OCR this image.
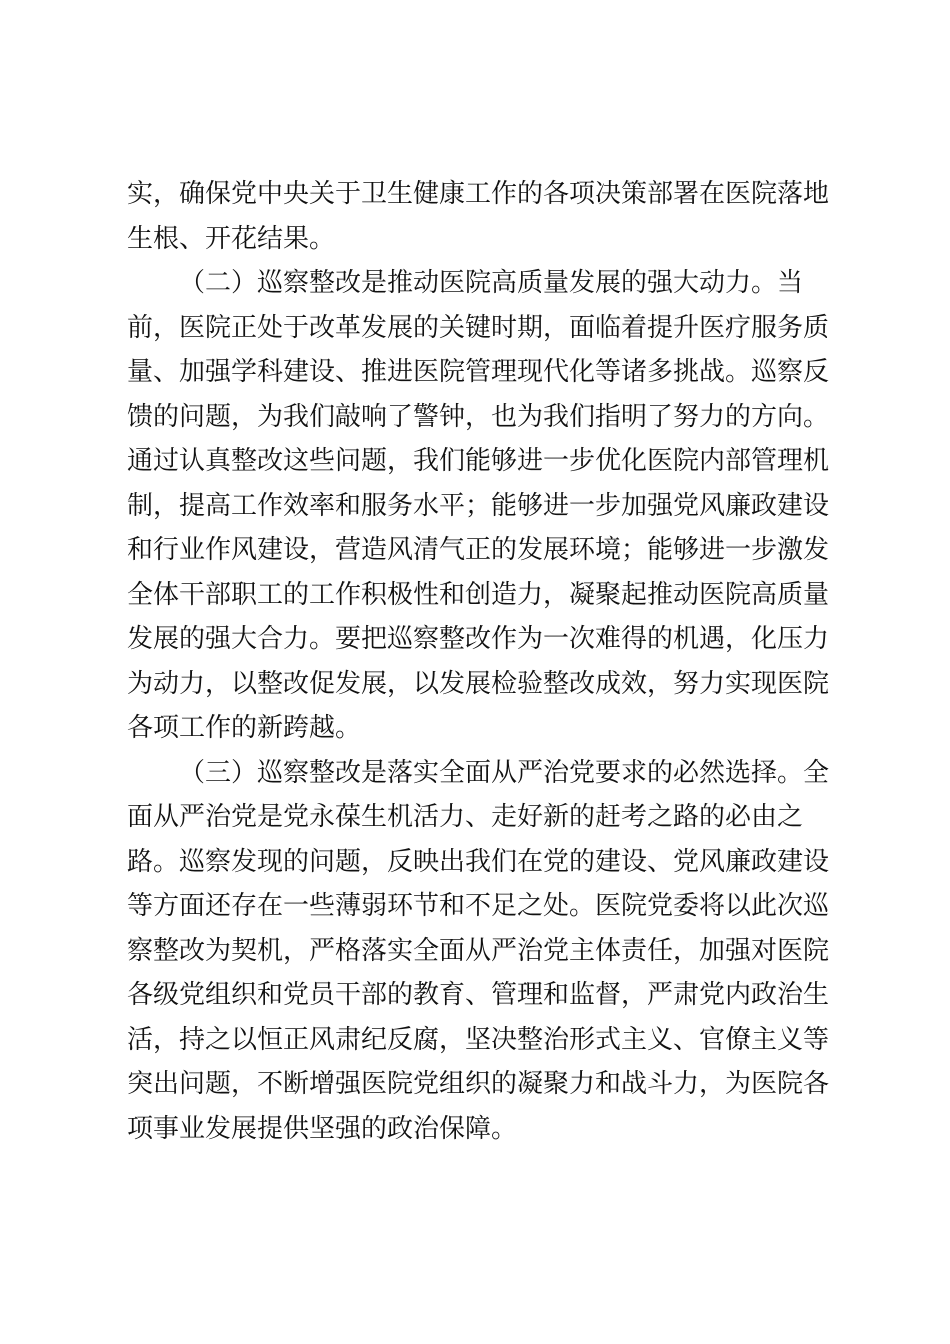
实，确保党中央关于卫生健康工作的各项决策部署在医院落地
生根、开花结果。
（二）巡察整改是推动医院高质量发展的强大动力。当
前，医院正处于改革发展的关键时期，面临着提升医疗服务质
量、加强学科建设、推进医院管理现代化等诸多挑战。巡察反
馈的问题，为我们敲响了警钟，也为我们指明了努力的方向。
通过认真整改这些问题，我们能够进一步优化医院内部管理机
制，提高工作效率和服务水平；能够进一步加强党风廉政建设
和行业作风建设，营造风清气正的发展环境；能够进一步激发
全体干部职工的工作积极性和创造力，凝聚起推动医院高质量
发展的强大合力。要把巡察整改作为一次难得的机遇，化压力
为动力，以整改促发展，以发展检验整改成效，努力实现医院
各项工作的新跨越。
（三）巡察整改是落实全面从严治党要求的必然选择。全
面从严治党是党永葆生机活力、走好新的赶考之路的必由之
路。巡察发现的问题，反映出我们在党的建设、党风廉政建设
等方面还存在一些薄弱环节和不足之处。医院党委将以此次巡
察整改为契机，严格落实全面从严治党主体责任，加强对医院
各级党组织和党员干部的教育、管理和监督，严肃党内政治生
活，持之以恒正风肃纪反腐，坚决整治形式主义、官僚主义等
突出问题，不断增强医院党组织的凝聚力和战斗力，为医院各
项事业发展提供坚强的政治保障。
